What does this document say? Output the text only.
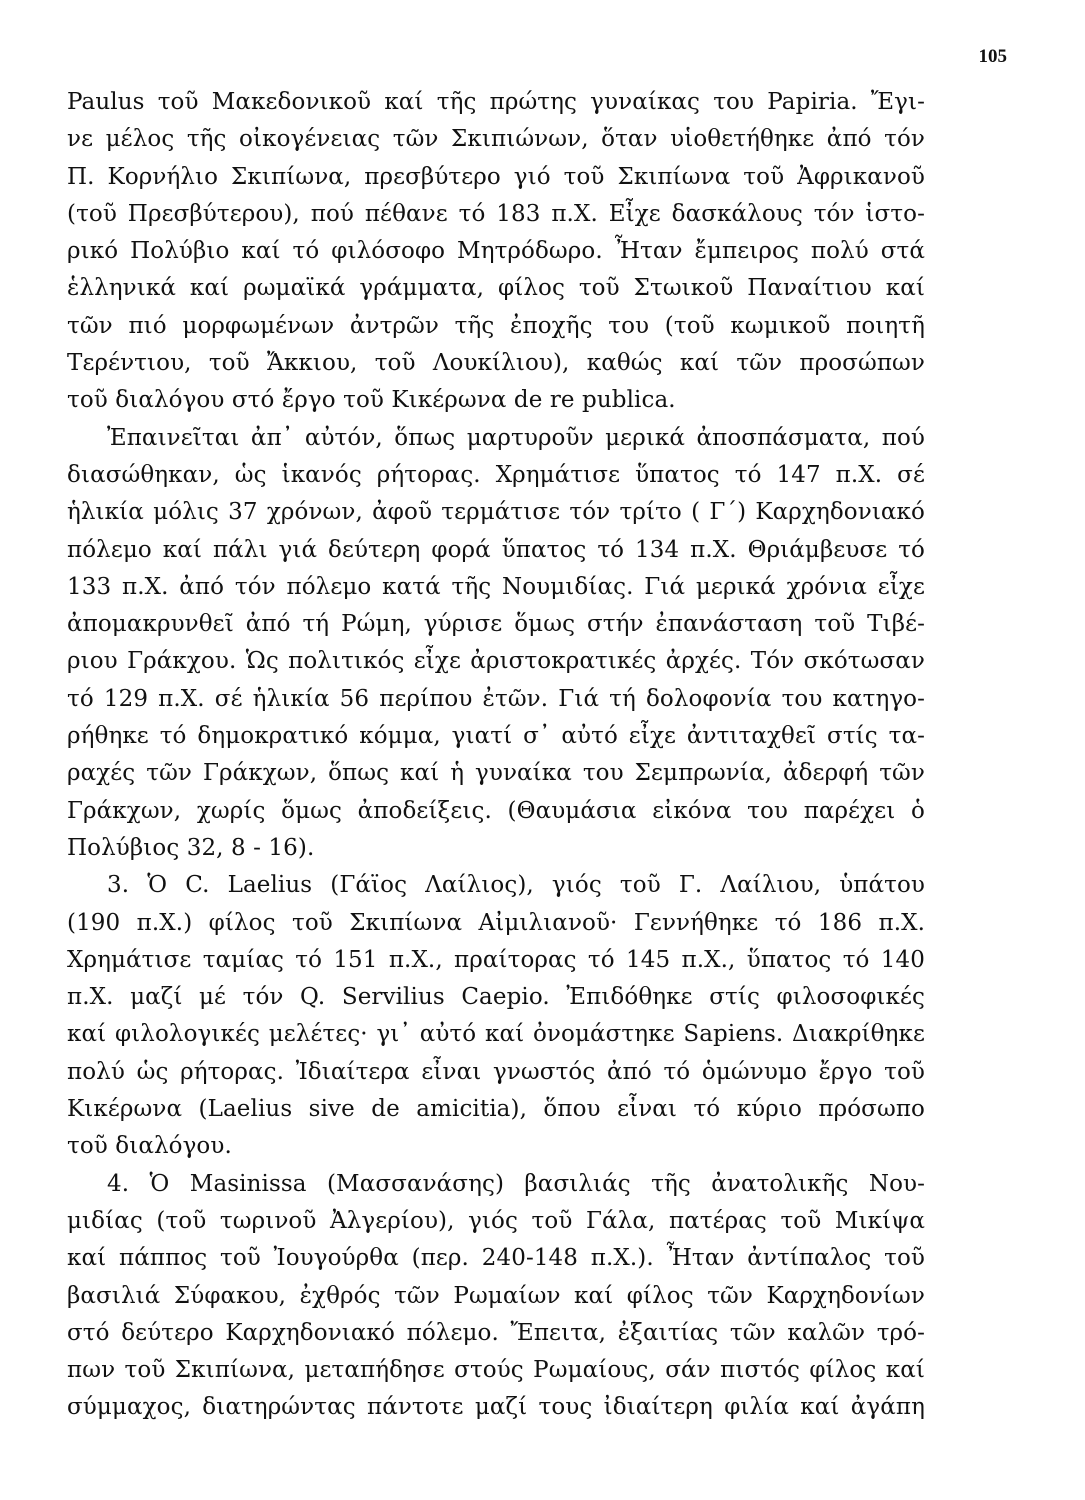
105
Paulus τοῦ Μακεδονικοῦ καί τῆς πρώτης γυναίκας του Papiria. Ἔγι-
νε μέλος τῆς οἰκογένειας τῶν Σκιπιώνων, ὅταν υἱοθετήθηκε ἀπό τόν
Π. Κορνήλιο Σκιπίωνα, πρεσβύτερο γιό τοῦ Σκιπίωνα τοῦ Ἀφρικανοῦ
(τοῦ Πρεσβύτερου), πού πέθανε τό 183 π.Χ. Εἶχε δασκάλους τόν ἱστο-
ρικό Πολύβιο καί τό φιλόσοφο Μητρόδωρο. Ἦταν ἔμπειρος πολύ στά
ἑλληνικά καί ρωμαϊκά γράμματα, φίλος τοῦ Στωικοῦ Παναίτιου καί
τῶν πιό μορφωμένων ἀντρῶν τῆς ἐποχῆς του (τοῦ κωμικοῦ ποιητῆ
Τερέντιου, τοῦ Ἄκκιου, τοῦ Λουκίλιου), καθώς καί τῶν προσώπων
τοῦ διαλόγου στό ἔργο τοῦ Κικέρωνα de re publica.
Ἐπαινεῖται ἀπ᾽ αὐτόν, ὅπως μαρτυροῦν μερικά ἀποσπάσματα, πού
διασώθηκαν, ὡς ἱκανός ρήτορας. Χρημάτισε ὕπατος τό 147 π.Χ. σέ
ἡλικία μόλις 37 χρόνων, ἀφοῦ τερμάτισε τόν τρίτο ( Γ΄) Καρχηδονιακό
πόλεμο καί πάλι γιά δεύτερη φορά ὕπατος τό 134 π.Χ. Θριάμβευσε τό
133 π.Χ. ἀπό τόν πόλεμο κατά τῆς Νουμιδίας. Γιά μερικά χρόνια εἶχε
ἀπομακρυνθεῖ ἀπό τή Ρώμη, γύρισε ὅμως στήν ἐπανάσταση τοῦ Τιβέ-
ριου Γράκχου. Ὡς πολιτικός εἶχε ἀριστοκρατικές ἀρχές. Τόν σκότωσαν
τό 129 π.Χ. σέ ἡλικία 56 περίπου ἐτῶν. Γιά τή δολοφονία του κατηγο-
ρήθηκε τό δημοκρατικό κόμμα, γιατί σ᾽ αὐτό εἶχε ἀντιταχθεῖ στίς τα-
ραχές τῶν Γράκχων, ὅπως καί ἡ γυναίκα του Σεμπρωνία, ἀδερφή τῶν
Γράκχων, χωρίς ὅμως ἀποδείξεις. (Θαυμάσια εἰκόνα του παρέχει ὁ
Πολύβιος 32, 8 - 16).
3. Ὁ C. Laelius (Γάϊος Λαίλιος), γιός τοῦ Γ. Λαίλιου, ὑπάτου
(190 π.Χ.) φίλος τοῦ Σκιπίωνα Αἰμιλιανοῦ· Γεννήθηκε τό 186 π.Χ.
Χρημάτισε ταμίας τό 151 π.Χ., πραίτορας τό 145 π.Χ., ὕπατος τό 140
π.Χ. μαζί μέ τόν Q. Servilius Caepio. Ἐπιδόθηκε στίς φιλοσοφικές
καί φιλολογικές μελέτες· γι᾽ αὐτό καί ὀνομάστηκε Sapiens. Διακρίθηκε
πολύ ὡς ρήτορας. Ἰδιαίτερα εἶναι γνωστός ἀπό τό ὁμώνυμο ἔργο τοῦ
Κικέρωνα (Laelius sive de amicitia), ὅπου εἶναι τό κύριο πρόσωπο
τοῦ διαλόγου.
4. Ὁ Masinissa (Μασσανάσης) βασιλιάς τῆς ἀνατολικῆς Νου-
μιδίας (τοῦ τωρινοῦ Ἀλγερίου), γιός τοῦ Γάλα, πατέρας τοῦ Μικίψα
καί πάππος τοῦ Ἰουγούρθα (περ. 240-148 π.Χ.). Ἦταν ἀντίπαλος τοῦ
βασιλιά Σύφακου, ἐχθρός τῶν Ρωμαίων καί φίλος τῶν Καρχηδονίων
στό δεύτερο Καρχηδονιακό πόλεμο. Ἔπειτα, ἐξαιτίας τῶν καλῶν τρό-
πων τοῦ Σκιπίωνα, μεταπήδησε στούς Ρωμαίους, σάν πιστός φίλος καί
σύμμαχος, διατηρώντας πάντοτε μαζί τους ἰδιαίτερη φιλία καί ἀγάπη
